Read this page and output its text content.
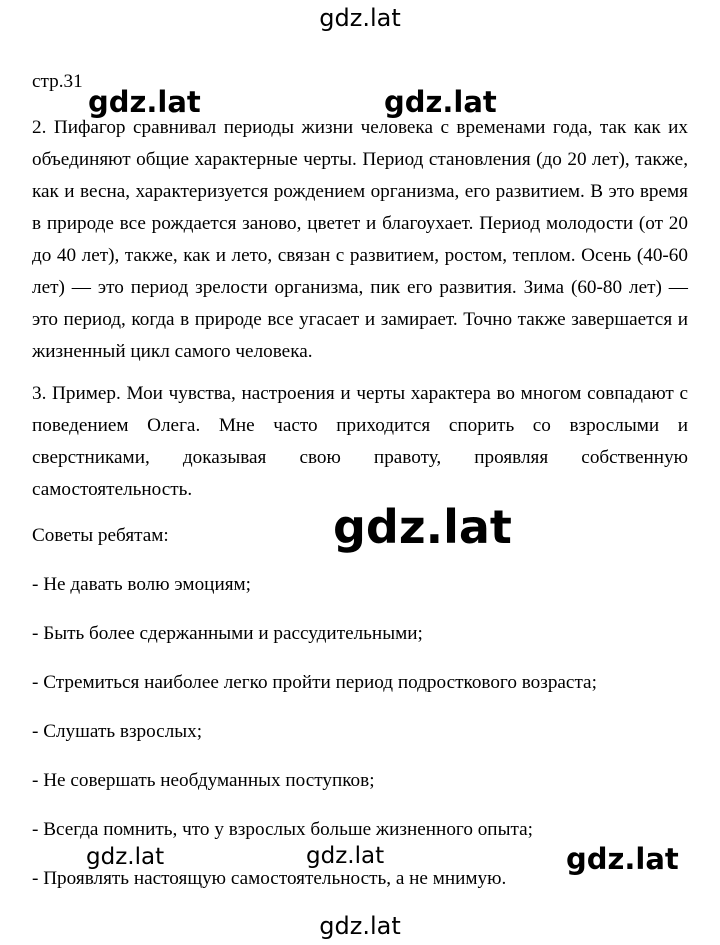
gdz.lat

стр.31

2. Пифагор сравнивал периоды жизни человека с временами года, так как их объединяют общие характерные черты. Период становления (до 20 лет), также, как и весна, характеризуется рождением организма, его развитием. В это время в природе все рождается заново, цветет и благоухает. Период молодости (от 20 до 40 лет), также, как и лето, связан с развитием, ростом, теплом. Осень (40-60 лет) — это период зрелости организма, пик его развития. Зима (60-80 лет) — это период, когда в природе все угасает и замирает. Точно также завершается и жизненный цикл самого человека.

3. Пример. Мои чувства, настроения и черты характера во многом совпадают с поведением Олега. Мне часто приходится спорить со взрослыми и сверстниками, доказывая свою правоту, проявляя собственную самостоятельность.

Советы ребятам:

- Не давать волю эмоциям;
- Быть более сдержанными и рассудительными;
- Стремиться наиболее легко пройти период подросткового возраста;
- Слушать взрослых;
- Не совершать необдуманных поступков;
- Всегда помнить, что у взрослых больше жизненного опыта;
- Проявлять настоящую самостоятельность, а не мнимую.
gdz.lat	gdz.lat
gdz.lat
gdz.lat	gdz.lat	gdz.lat
gdz.lat
